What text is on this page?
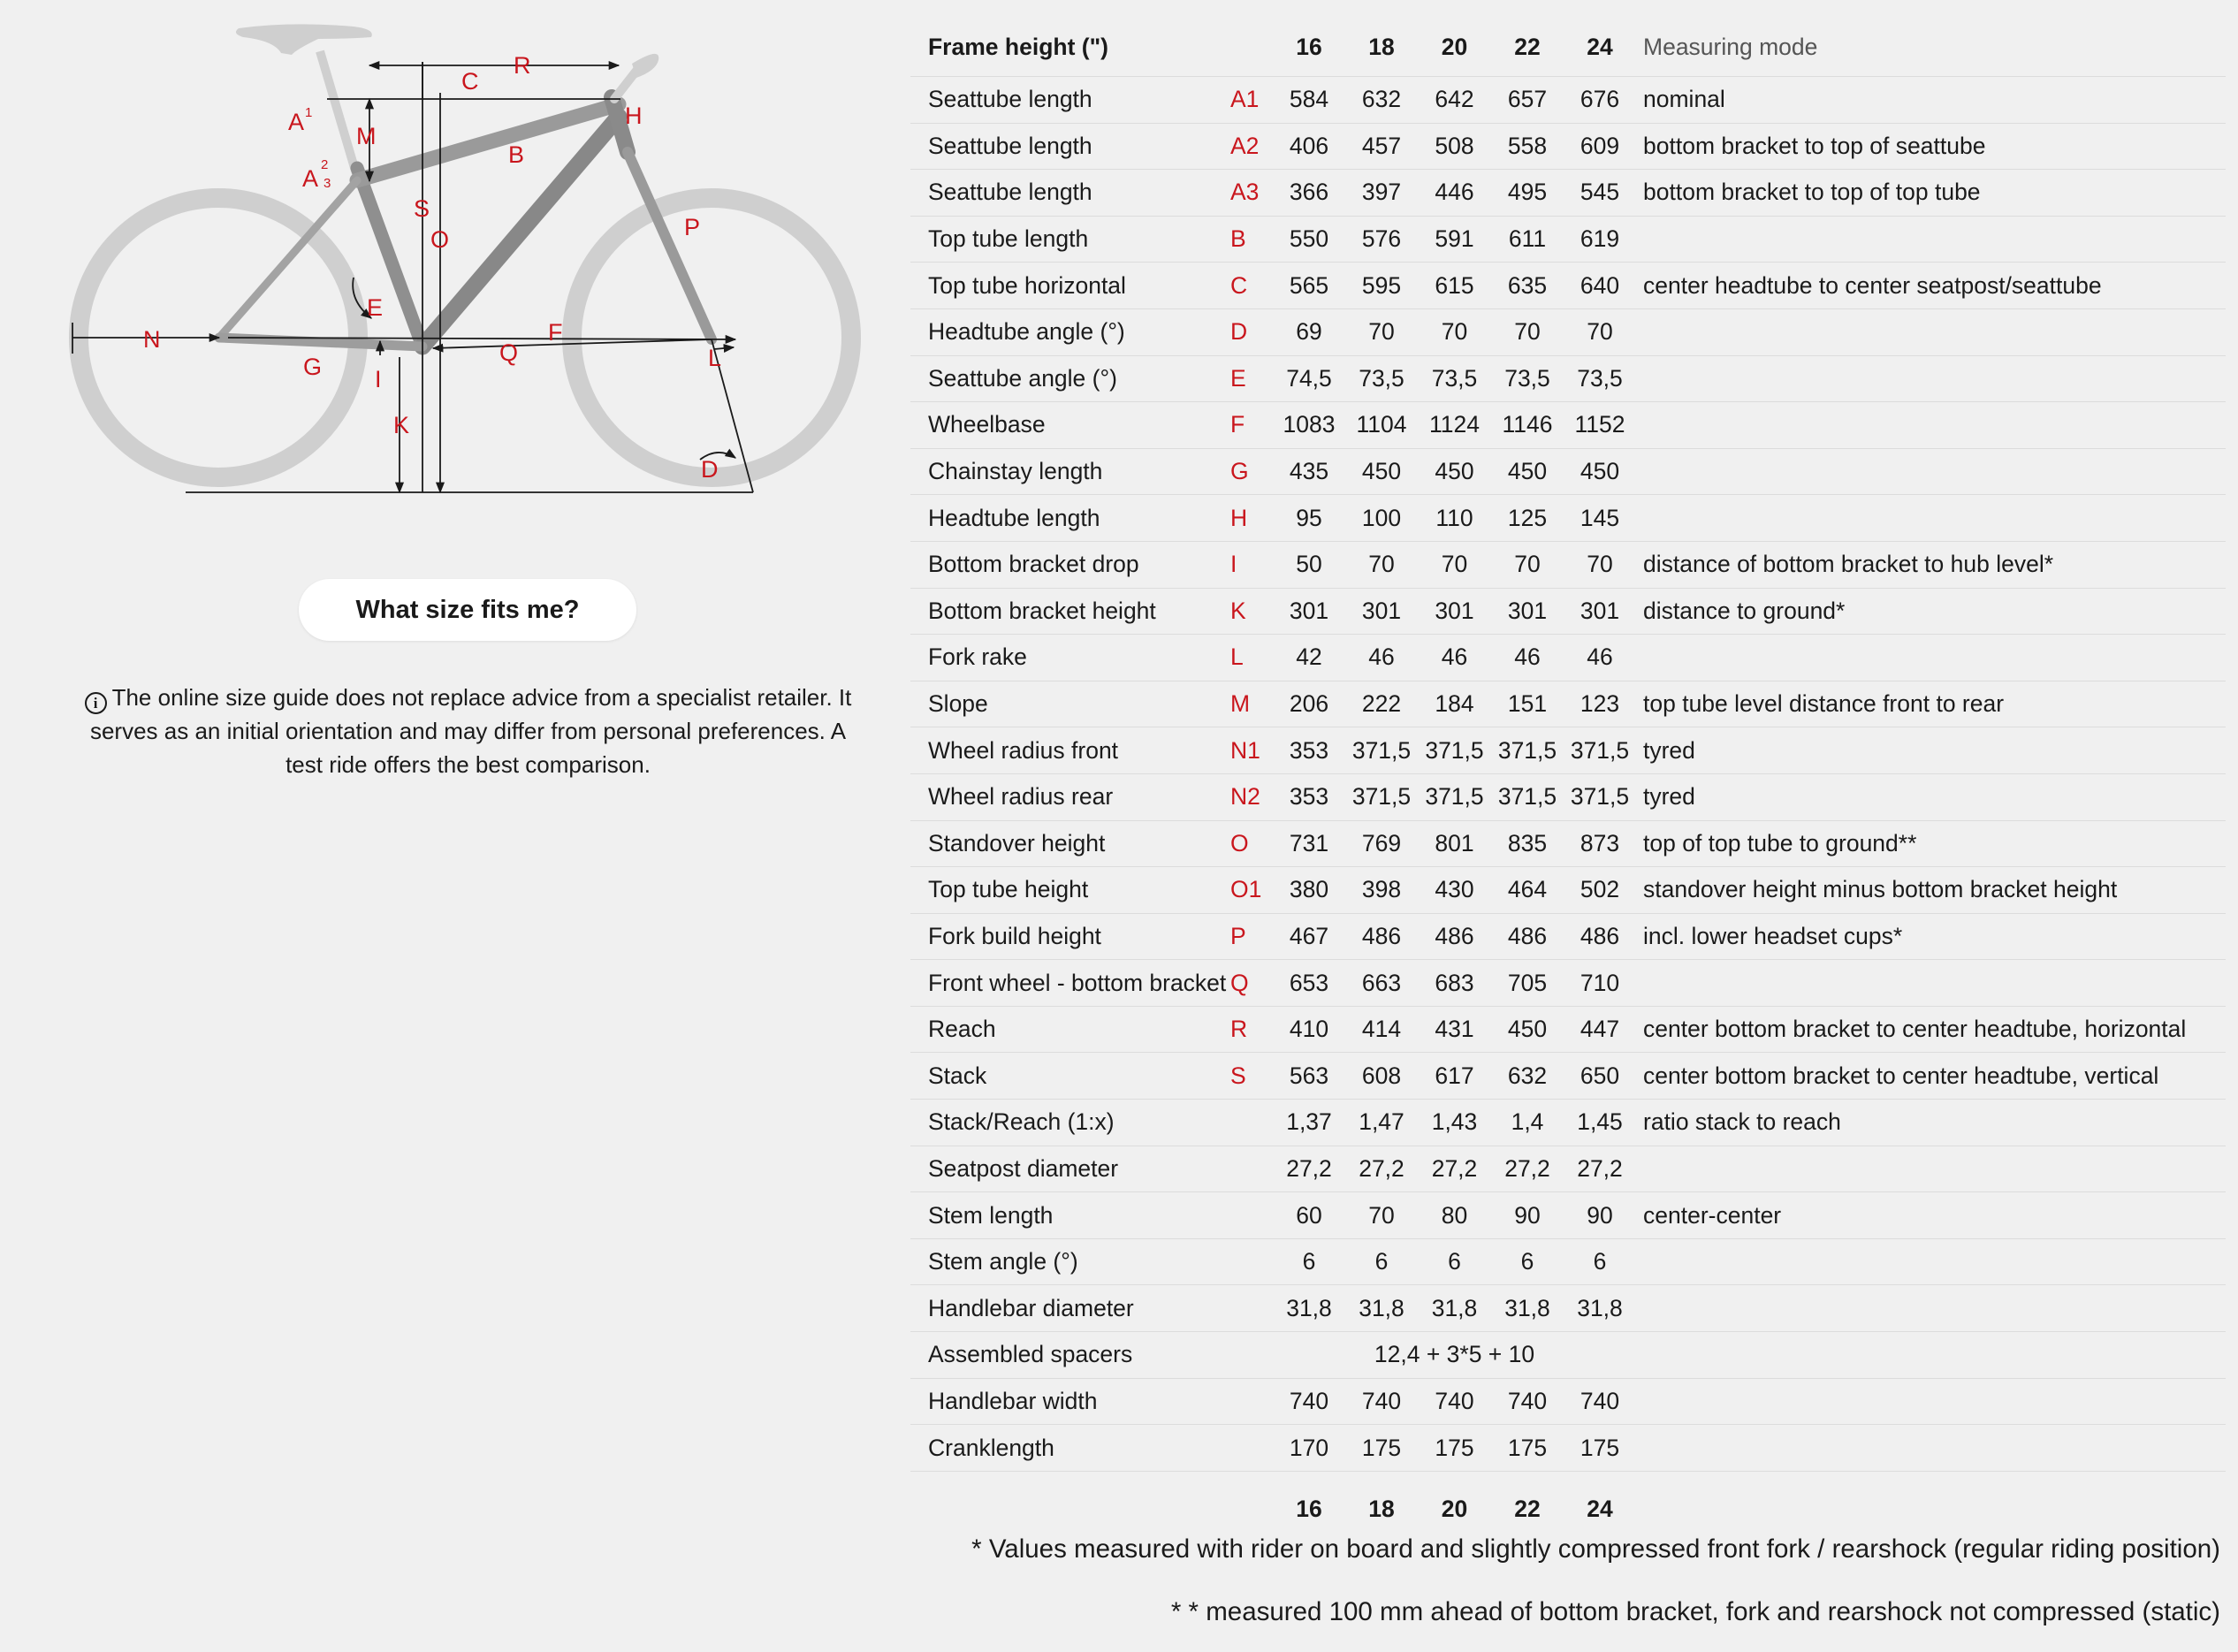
R
C
A 1
M
H
A
2
3
B
S
O	P
E
N
G
F
Q	L
I
K
D
What size fits me?
i The online size guide does not replace advice from a specialist retailer. It serves as an initial orientation and may differ from personal preferences. A test ride offers the best comparison.
Frame height (")		16	18	20	22	24	Measuring mode
Seattube length	A1	584	632	642	657	676	nominal
Seattube length	A2	406	457	508	558	609	bottom bracket to top of seattube
Seattube length	A3	366	397	446	495	545	bottom bracket to top of top tube
Top tube length	B	550	576	591	611	619	
Top tube horizontal	C	565	595	615	635	640	center headtube to center seatpost/seattube
Headtube angle (°)	D	69	70	70	70	70	
Seattube angle (°)	E	74,5	73,5	73,5	73,5	73,5	
Wheelbase	F	1083	1104	1124	1146	1152	
Chainstay length	G	435	450	450	450	450	
Headtube length	H	95	100	110	125	145	
Bottom bracket drop	I	50	70	70	70	70	distance of bottom bracket to hub level*
Bottom bracket height	K	301	301	301	301	301	distance to ground*
Fork rake	L	42	46	46	46	46	
Slope	M	206	222	184	151	123	top tube level distance front to rear
Wheel radius front	N1	353	371,5	371,5	371,5	371,5	tyred
Wheel radius rear	N2	353	371,5	371,5	371,5	371,5	tyred
Standover height	O	731	769	801	835	873	top of top tube to ground**
Top tube height	O1	380	398	430	464	502	standover height minus bottom bracket height
Fork build height	P	467	486	486	486	486	incl. lower headset cups*
Front wheel - bottom bracket	Q	653	663	683	705	710	
Reach	R	410	414	431	450	447	center bottom bracket to center headtube, horizontal
Stack	S	563	608	617	632	650	center bottom bracket to center headtube, vertical
Stack/Reach (1:x)		1,37	1,47	1,43	1,4	1,45	ratio stack to reach
Seatpost diameter		27,2	27,2	27,2	27,2	27,2	
Stem length		60	70	80	90	90	center-center
Stem angle (°)		6	6	6	6	6	
Handlebar diameter		31,8	31,8	31,8	31,8	31,8	
Assembled spacers		12,4 + 3*5 + 10					
Handlebar width		740	740	740	740	740	
Cranklength		170	175	175	175	175	
		16	18	20	22	24	
* Values measured with rider on board and slightly compressed front fork / rearshock (regular riding position)
* * measured 100 mm ahead of bottom bracket, fork and rearshock not compressed (static)
